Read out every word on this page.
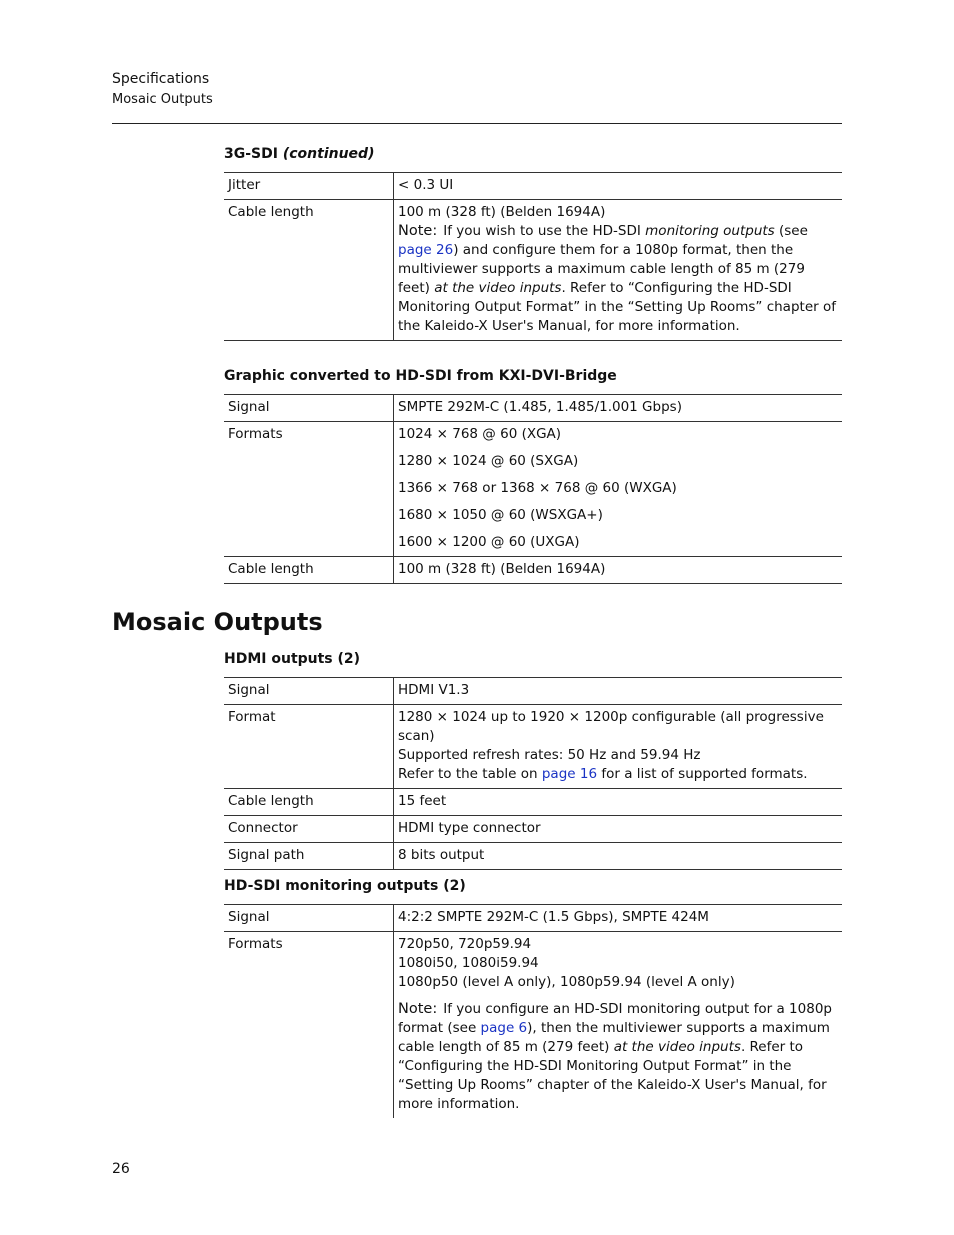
Specifications
Mosaic Outputs
3G-SDI (continued)
Jitter	< 0.3 UI
Cable length	100 m (328 ft) (Belden 1694A)
Note: If you wish to use the HD-SDI monitoring outputs (see page 26) and configure them for a 1080p format, then the multiviewer supports a maximum cable length of 85 m (279 feet) at the video inputs. Refer to “Configuring the HD-SDI Monitoring Output Format” in the “Setting Up Rooms” chapter of the Kaleido-X User's Manual, for more information.
Graphic converted to HD-SDI from KXI-DVI-Bridge
Signal	SMPTE 292M-C (1.485, 1.485/1.001 Gbps)
Formats	1024 × 768 @ 60 (XGA)
1280 × 1024 @ 60 (SXGA)
1366 × 768 or 1368 × 768 @ 60 (WXGA)
1680 × 1050 @ 60 (WSXGA+)
1600 × 1200 @ 60 (UXGA)

Cable length	100 m (328 ft) (Belden 1694A)
Mosaic Outputs
HDMI outputs (2)
Signal	HDMI V1.3
Format	1280 × 1024 up to 1920 × 1200p configurable (all progressive scan)
Supported refresh rates: 50 Hz and 59.94 Hz
Refer to the table on page 16 for a list of supported formats.

Cable length	15 feet
Connector	HDMI type connector
Signal path	8 bits output
HD-SDI monitoring outputs (2)
Signal	4:2:2 SMPTE 292M-C (1.5 Gbps), SMPTE 424M
Formats	720p50, 720p59.94
1080i50, 1080i59.94
1080p50 (level A only), 1080p59.94 (level A only)
Note: If you configure an HD-SDI monitoring output for a 1080p format (see page 6), then the multiviewer supports a maximum cable length of 85 m (279 feet) at the video inputs. Refer to “Configuring the HD-SDI Monitoring Output Format” in the “Setting Up Rooms” chapter of the Kaleido-X User's Manual, for more information.
26
